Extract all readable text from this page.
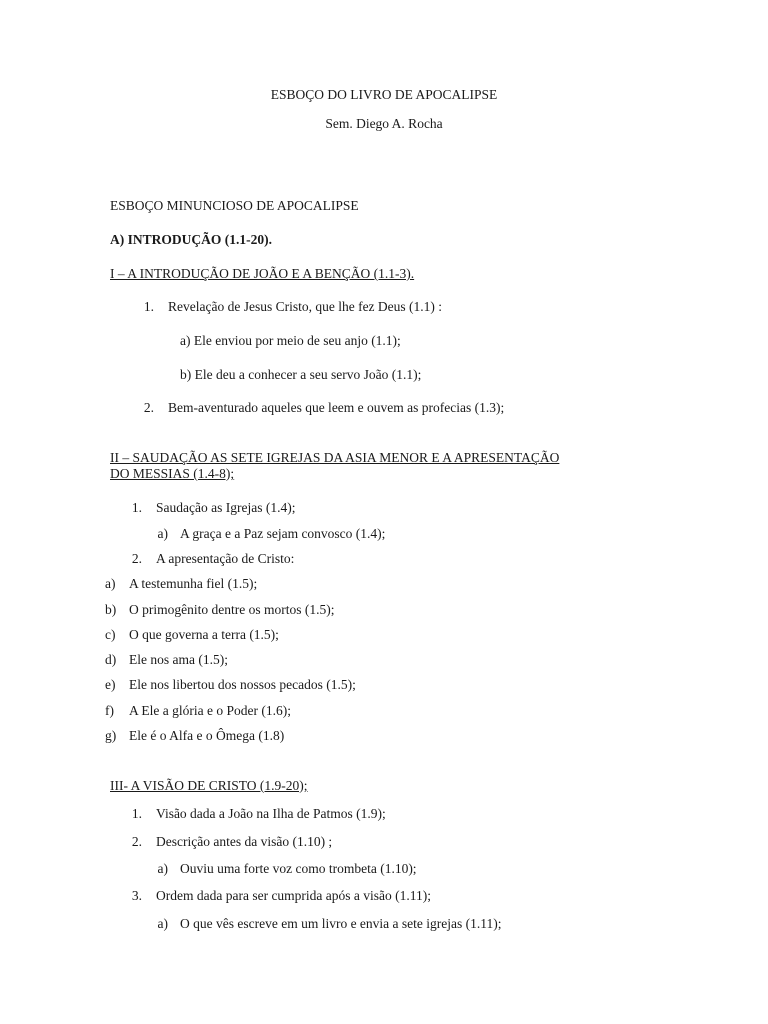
ESBOÇO DO LIVRO DE APOCALIPSE
Sem. Diego A. Rocha
ESBOÇO MINUNCIOSO DE APOCALIPSE
A) INTRODUÇÃO (1.1-20).
I – A INTRODUÇÃO DE JOÃO E A BENÇÃO (1.1-3).
1. Revelação de Jesus Cristo, que lhe fez Deus (1.1) :
a) Ele enviou por meio de seu anjo (1.1);
b) Ele deu a conhecer a seu servo João (1.1);
2. Bem-aventurado aqueles que leem e ouvem as profecias (1.3);
II – SAUDAÇÃO AS SETE IGREJAS DA ASIA MENOR E A APRESENTAÇÃO
DO MESSIAS (1.4-8);
1. Saudação as Igrejas (1.4);
a) A graça e a Paz sejam convosco (1.4);
2. A apresentação de Cristo:
a) A testemunha fiel (1.5);
b) O primogênito dentre os mortos (1.5);
c) O que governa a terra (1.5);
d) Ele nos ama (1.5);
e) Ele nos libertou dos nossos pecados (1.5);
f) A Ele a glória e o Poder (1.6);
g) Ele é o Alfa e o Ômega (1.8)
III- A VISÃO DE CRISTO (1.9-20);
1. Visão dada a João na Ilha de Patmos (1.9);
2. Descrição antes da visão (1.10) ;
a) Ouviu uma forte voz como trombeta (1.10);
3. Ordem dada para ser cumprida após a visão (1.11);
a) O que vês escreve em um livro e envia a sete igrejas (1.11);
